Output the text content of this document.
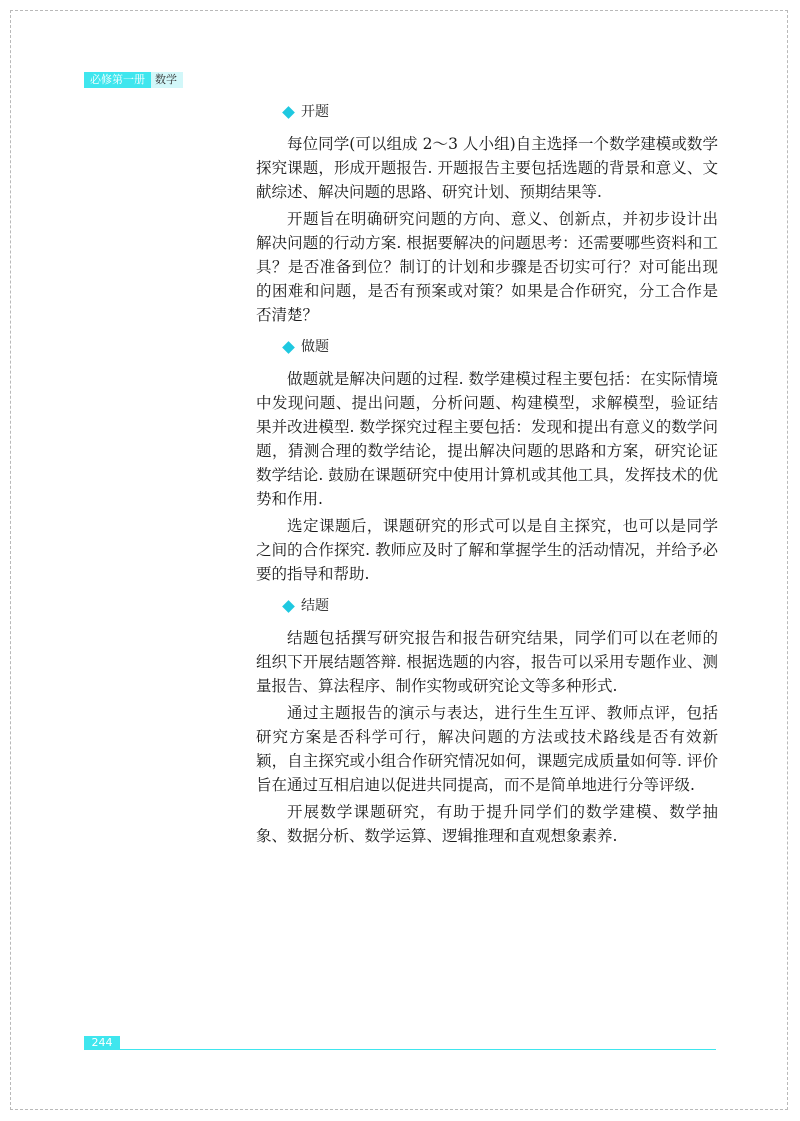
必修第一册 数学
开题

每位同学(可以组成 2～3 人小组)自主选择一个数学建模或数学探究课题，形成开题报告. 开题报告主要包括选题的背景和意义、文献综述、解决问题的思路、研究计划、预期结果等.

开题旨在明确研究问题的方向、意义、创新点，并初步设计出解决问题的行动方案. 根据要解决的问题思考：还需要哪些资料和工具？是否准备到位？制订的计划和步骤是否切实可行？对可能出现的困难和问题，是否有预案或对策？如果是合作研究，分工合作是否清楚？

做题

做题就是解决问题的过程. 数学建模过程主要包括：在实际情境中发现问题、提出问题，分析问题、构建模型，求解模型，验证结果并改进模型. 数学探究过程主要包括：发现和提出有意义的数学问题，猜测合理的数学结论，提出解决问题的思路和方案，研究论证数学结论. 鼓励在课题研究中使用计算机或其他工具，发挥技术的优势和作用.

选定课题后，课题研究的形式可以是自主探究，也可以是同学之间的合作探究. 教师应及时了解和掌握学生的活动情况，并给予必要的指导和帮助.

结题

结题包括撰写研究报告和报告研究结果，同学们可以在老师的组织下开展结题答辩. 根据选题的内容，报告可以采用专题作业、测量报告、算法程序、制作实物或研究论文等多种形式.

通过主题报告的演示与表达，进行生生互评、教师点评，包括研究方案是否科学可行，解决问题的方法或技术路线是否有效新颖，自主探究或小组合作研究情况如何，课题完成质量如何等. 评价旨在通过互相启迪以促进共同提高，而不是简单地进行分等评级.

开展数学课题研究，有助于提升同学们的数学建模、数学抽象、数据分析、数学运算、逻辑推理和直观想象素养.

244
